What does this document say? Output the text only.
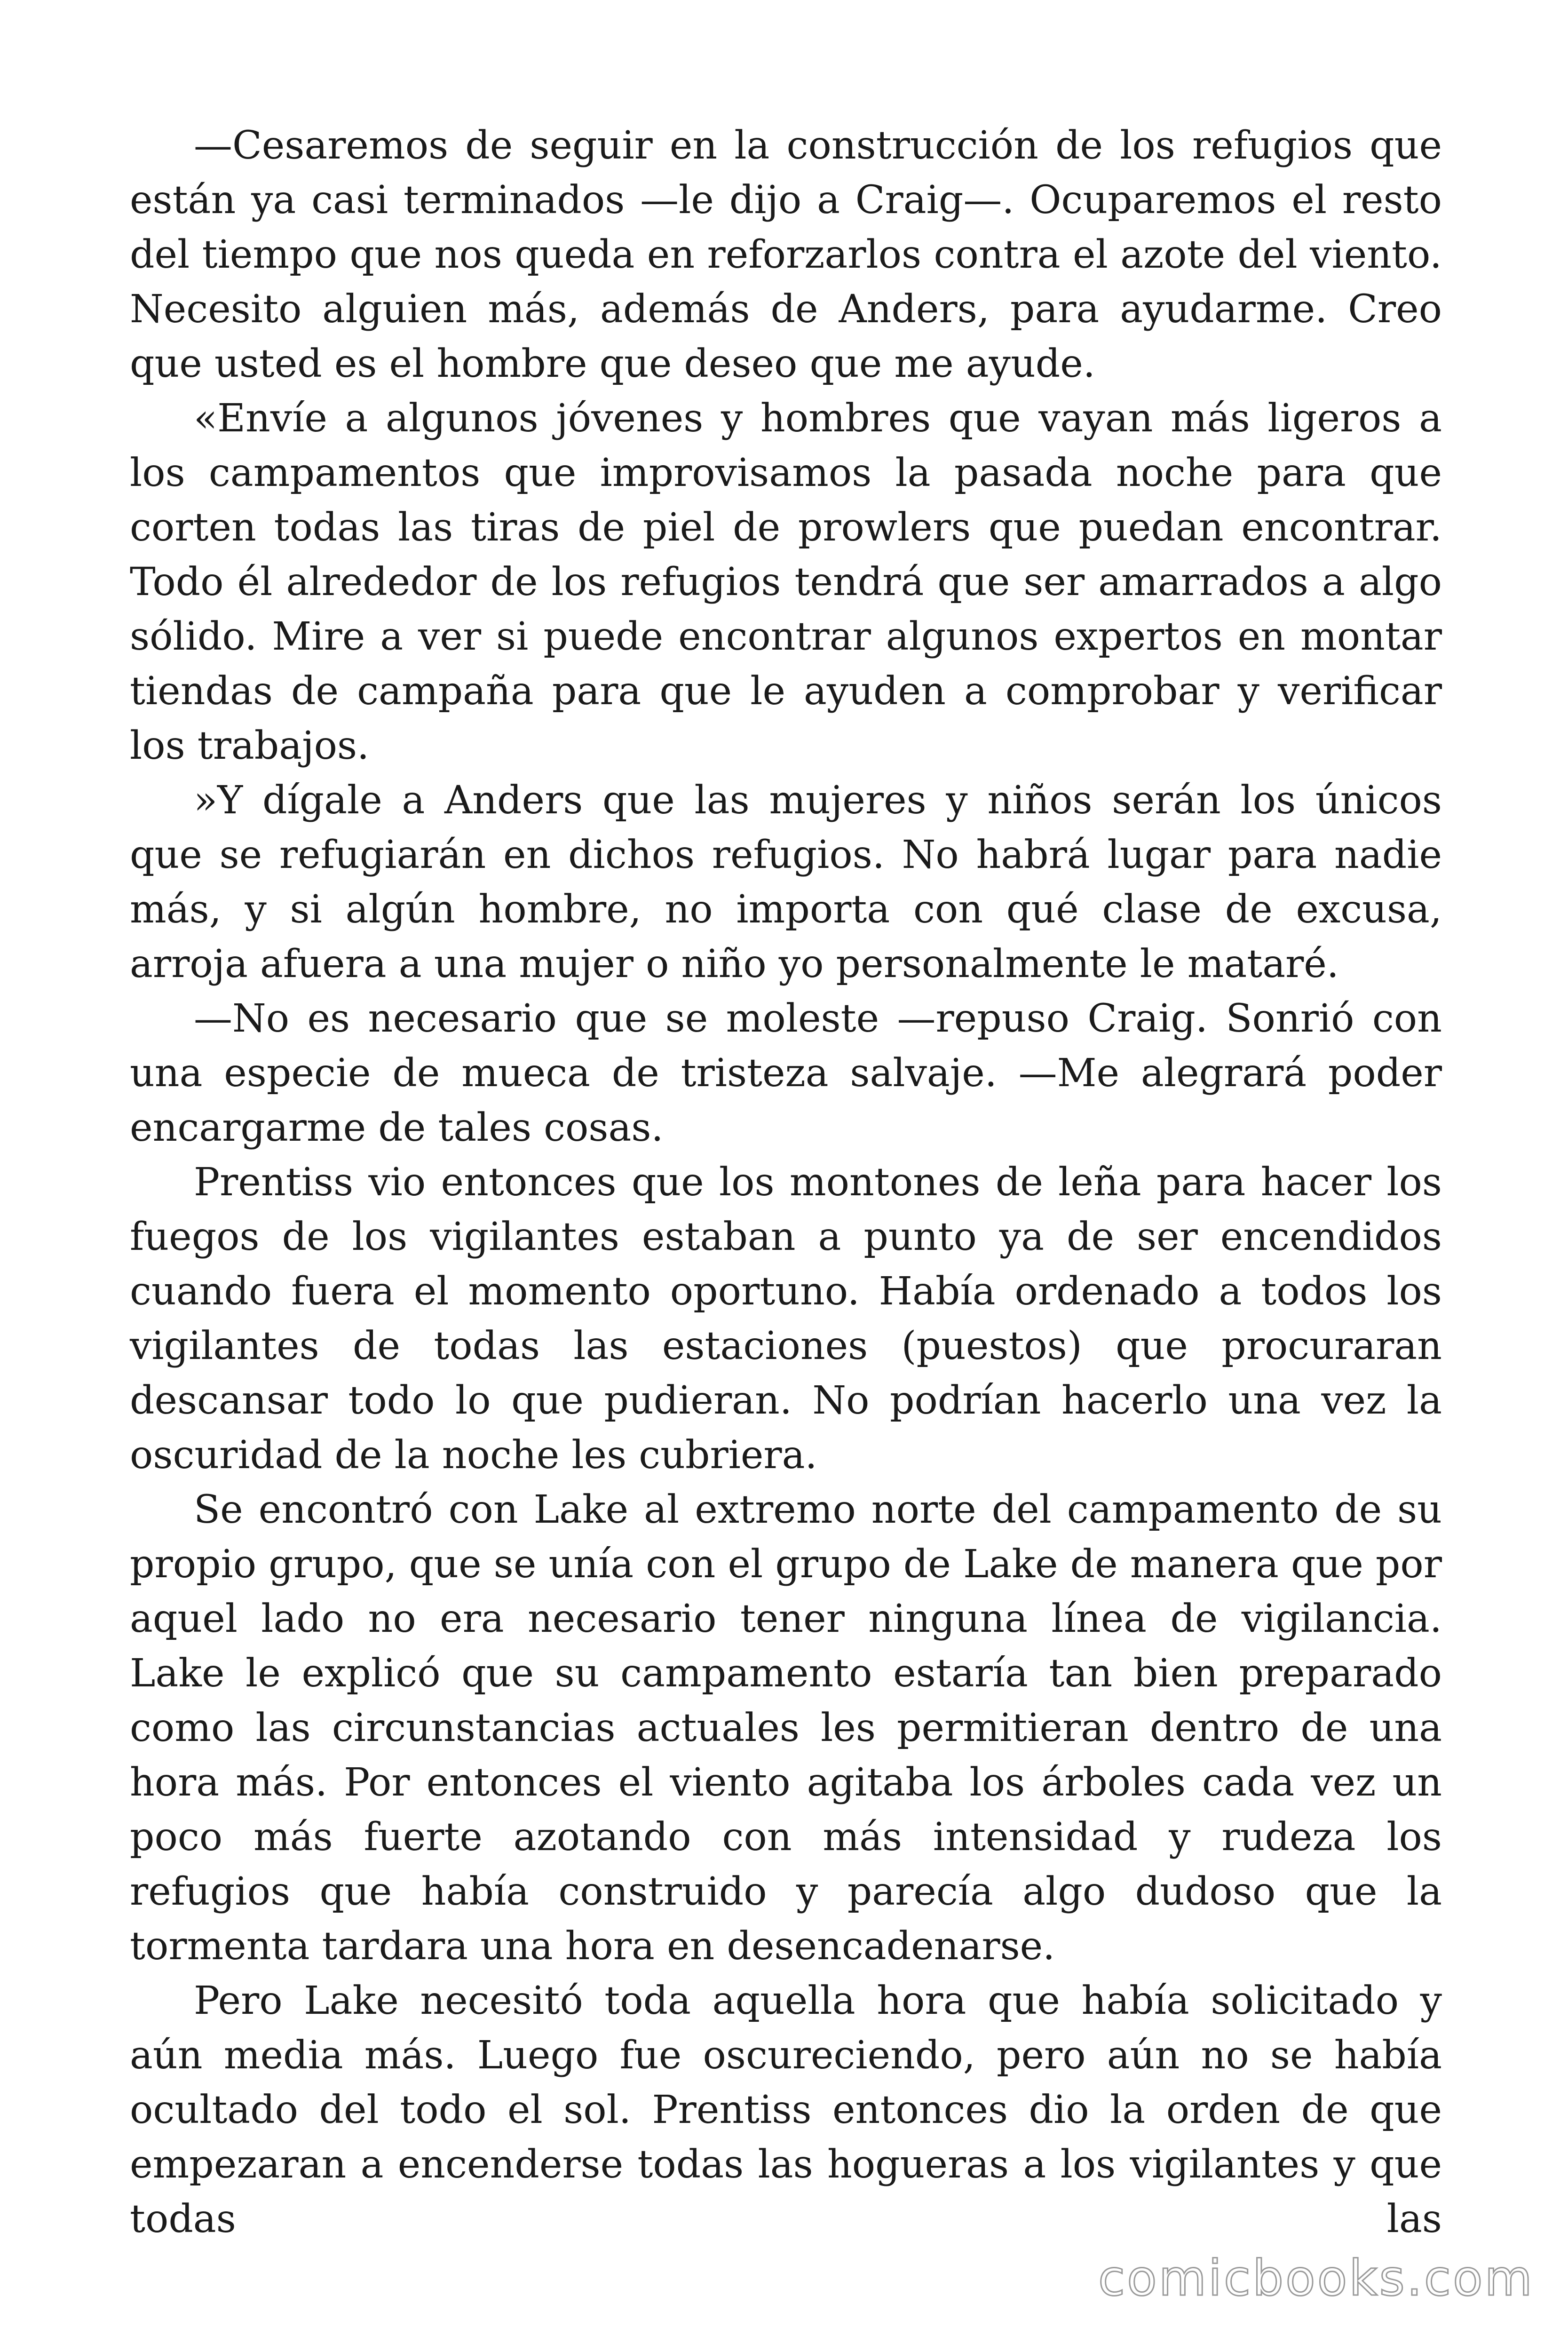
—Cesaremos de seguir en la construcción de los refugios que están ya casi terminados —le dijo a Craig—. Ocuparemos el resto del tiempo que nos queda en reforzarlos contra el azote del viento. Necesito alguien más, además de Anders, para ayudarme. Creo que usted es el hombre que deseo que me ayude.

«Envíe a algunos jóvenes y hombres que vayan más ligeros a los campamentos que improvisamos la pasada noche para que corten todas las tiras de piel de prowlers que puedan encontrar. Todo él alrededor de los refugios tendrá que ser amarrados a algo sólido. Mire a ver si puede encontrar algunos expertos en montar tiendas de campaña para que le ayuden a comprobar y verificar los trabajos.

»Y dígale a Anders que las mujeres y niños serán los únicos que se refugiarán en dichos refugios. No habrá lugar para nadie más, y si algún hombre, no importa con qué clase de excusa, arroja afuera a una mujer o niño yo personalmente le mataré.

—No es necesario que se moleste —repuso Craig. Sonrió con una especie de mueca de tristeza salvaje. —Me alegrará poder encargarme de tales cosas.

Prentiss vio entonces que los montones de leña para hacer los fuegos de los vigilantes estaban a punto ya de ser encendidos cuando fuera el momento oportuno. Había ordenado a todos los vigilantes de todas las estaciones (puestos) que procuraran descansar todo lo que pudieran. No podrían hacerlo una vez la oscuridad de la noche les cubriera.

Se encontró con Lake al extremo norte del campamento de su propio grupo, que se unía con el grupo de Lake de manera que por aquel lado no era necesario tener ninguna línea de vigilancia. Lake le explicó que su campamento estaría tan bien preparado como las circunstancias actuales les permitieran dentro de una hora más. Por entonces el viento agitaba los árboles cada vez un poco más fuerte azotando con más intensidad y rudeza los refugios que había construido y parecía algo dudoso que la tormenta tardara una hora en desencadenarse.

Pero Lake necesitó toda aquella hora que había solicitado y aún media más. Luego fue oscureciendo, pero aún no se había ocultado del todo el sol. Prentiss entonces dio la orden de que empezaran a encenderse todas las hogueras a los vigilantes y que todas las

comicbooks.com
